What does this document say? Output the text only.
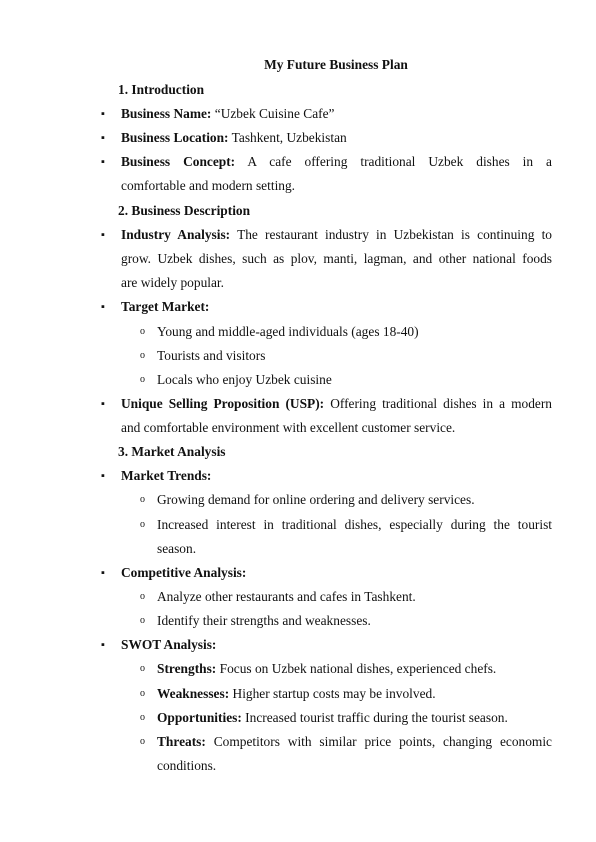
My Future Business Plan
1. Introduction
▪ Business Name: “Uzbek Cuisine Cafe”
▪ Business Location: Tashkent, Uzbekistan
▪ Business Concept: A cafe offering traditional Uzbek dishes in a
comfortable and modern setting.
2. Business Description
▪ Industry Analysis: The restaurant industry in Uzbekistan is continuing to
grow. Uzbek dishes, such as plov, manti, lagman, and other national foods
are widely popular.
▪ Target Market:
o Young and middle-aged individuals (ages 18-40)
o Tourists and visitors
o Locals who enjoy Uzbek cuisine
▪ Unique Selling Proposition (USP): Offering traditional dishes in a modern
and comfortable environment with excellent customer service.
3. Market Analysis
▪ Market Trends:
o Growing demand for online ordering and delivery services.
o Increased interest in traditional dishes, especially during the tourist
season.
▪ Competitive Analysis:
o Analyze other restaurants and cafes in Tashkent.
o Identify their strengths and weaknesses.
▪ SWOT Analysis:
o Strengths: Focus on Uzbek national dishes, experienced chefs.
o Weaknesses: Higher startup costs may be involved.
o Opportunities: Increased tourist traffic during the tourist season.
o Threats: Competitors with similar price points, changing economic
conditions.
